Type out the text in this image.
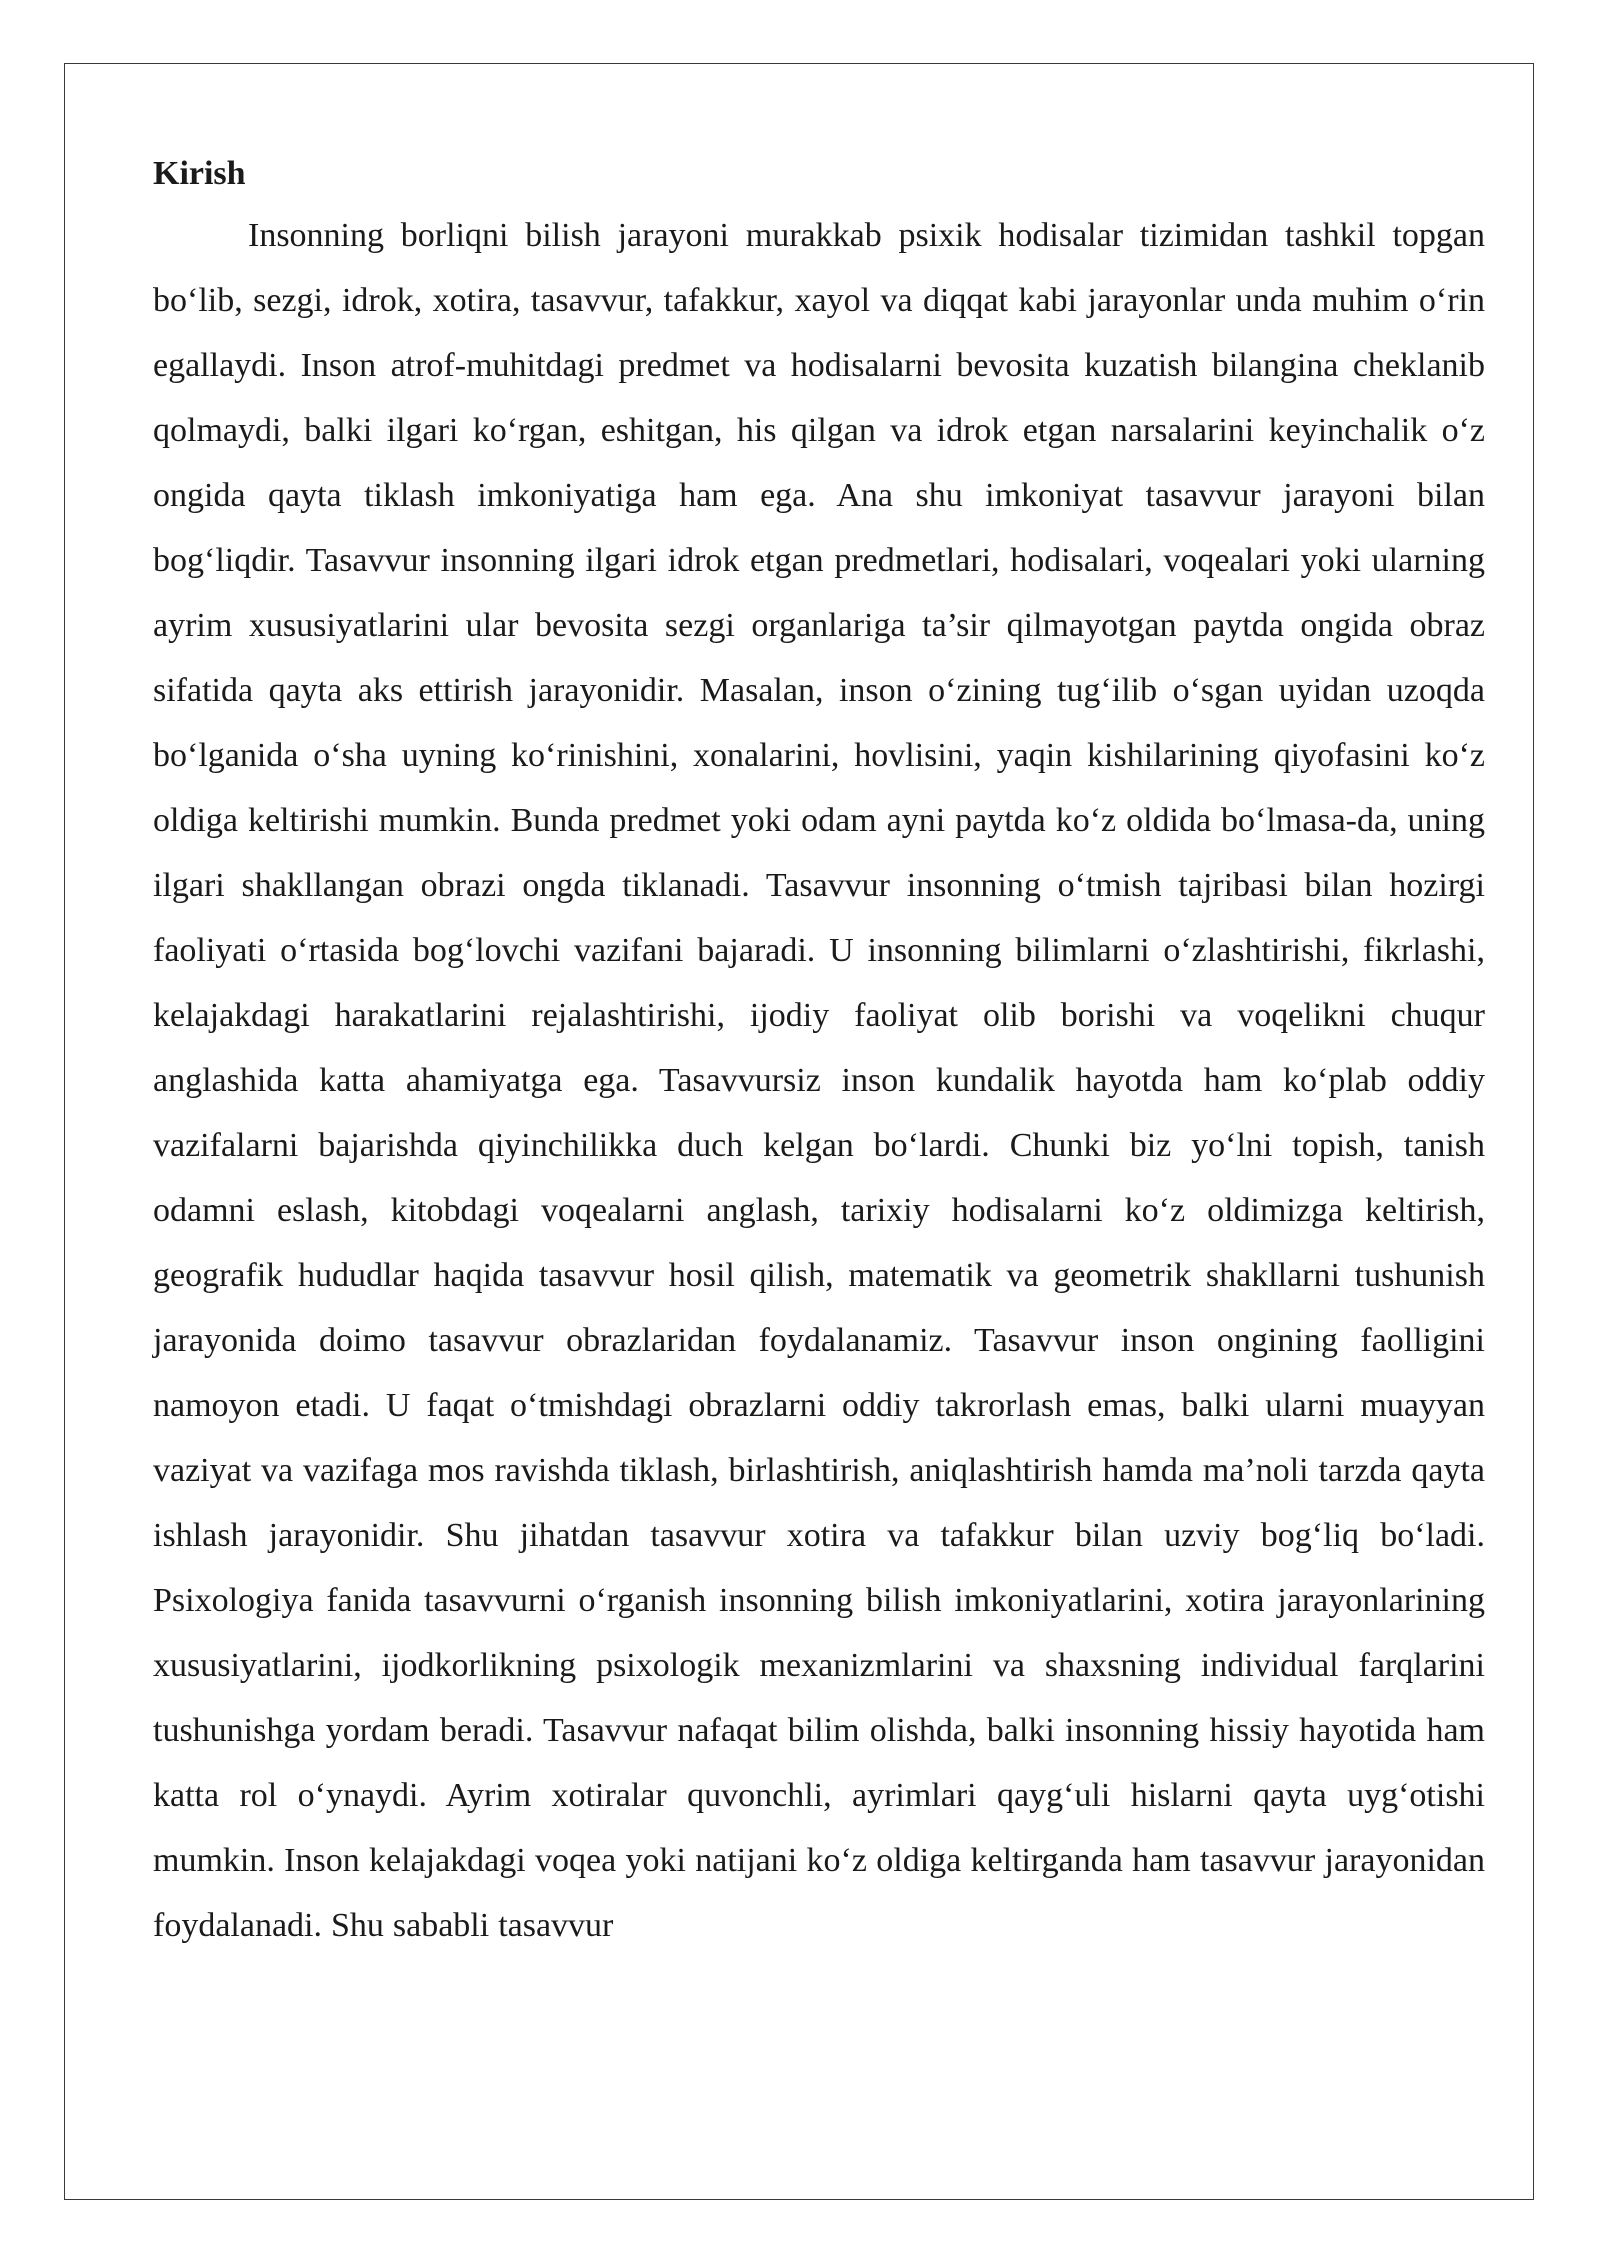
Kirish

Insonning borliqni bilish jarayoni murakkab psixik hodisalar tizimidan tashkil topgan bo‘lib, sezgi, idrok, xotira, tasavvur, tafakkur, xayol va diqqat kabi jarayonlar unda muhim o‘rin egallaydi. Inson atrof-muhitdagi predmet va hodisalarni bevosita kuzatish bilangina cheklanib qolmaydi, balki ilgari ko‘rgan, eshitgan, his qilgan va idrok etgan narsalarini keyinchalik o‘z ongida qayta tiklash imkoniyatiga ham ega. Ana shu imkoniyat tasavvur jarayoni bilan bog‘liqdir. Tasavvur insonning ilgari idrok etgan predmetlari, hodisalari, voqealari yoki ularning ayrim xususiyatlarini ular bevosita sezgi organlariga ta’sir qilmayotgan paytda ongida obraz sifatida qayta aks ettirish jarayonidir. Masalan, inson o‘zining tug‘ilib o‘sgan uyidan uzoqda bo‘lganida o‘sha uyning ko‘rinishini, xonalarini, hovlisini, yaqin kishilarining qiyofasini ko‘z oldiga keltirishi mumkin. Bunda predmet yoki odam ayni paytda ko‘z oldida bo‘lmasa-da, uning ilgari shakllangan obrazi ongda tiklanadi. Tasavvur insonning o‘tmish tajribasi bilan hozirgi faoliyati o‘rtasida bog‘lovchi vazifani bajaradi. U insonning bilimlarni o‘zlashtirishi, fikrlashi, kelajakdagi harakatlarini rejalashtirishi, ijodiy faoliyat olib borishi va voqelikni chuqur anglashida katta ahamiyatga ega. Tasavvursiz inson kundalik hayotda ham ko‘plab oddiy vazifalarni bajarishda qiyinchilikka duch kelgan bo‘lardi. Chunki biz yo‘lni topish, tanish odamni eslash, kitobdagi voqealarni anglash, tarixiy hodisalarni ko‘z oldimizga keltirish, geografik hududlar haqida tasavvur hosil qilish, matematik va geometrik shakllarni tushunish jarayonida doimo tasavvur obrazlaridan foydalanamiz. Tasavvur inson ongining faolligini namoyon etadi. U faqat o‘tmishdagi obrazlarni oddiy takrorlash emas, balki ularni muayyan vaziyat va vazifaga mos ravishda tiklash, birlashtirish, aniqlashtirish hamda ma’noli tarzda qayta ishlash jarayonidir. Shu jihatdan tasavvur xotira va tafakkur bilan uzviy bog‘liq bo‘ladi. Psixologiya fanida tasavvurni o‘rganish insonning bilish imkoniyatlarini, xotira jarayonlarining xususiyatlarini, ijodkorlikning psixologik mexanizmlarini va shaxsning individual farqlarini tushunishga yordam beradi. Tasavvur nafaqat bilim olishda, balki insonning hissiy hayotida ham katta rol o‘ynaydi. Ayrim xotiralar quvonchli, ayrimlari qayg‘uli hislarni qayta uyg‘otishi mumkin. Inson kelajakdagi voqea yoki natijani ko‘z oldiga keltirganda ham tasavvur jarayonidan foydalanadi. Shu sababli tasavvur
